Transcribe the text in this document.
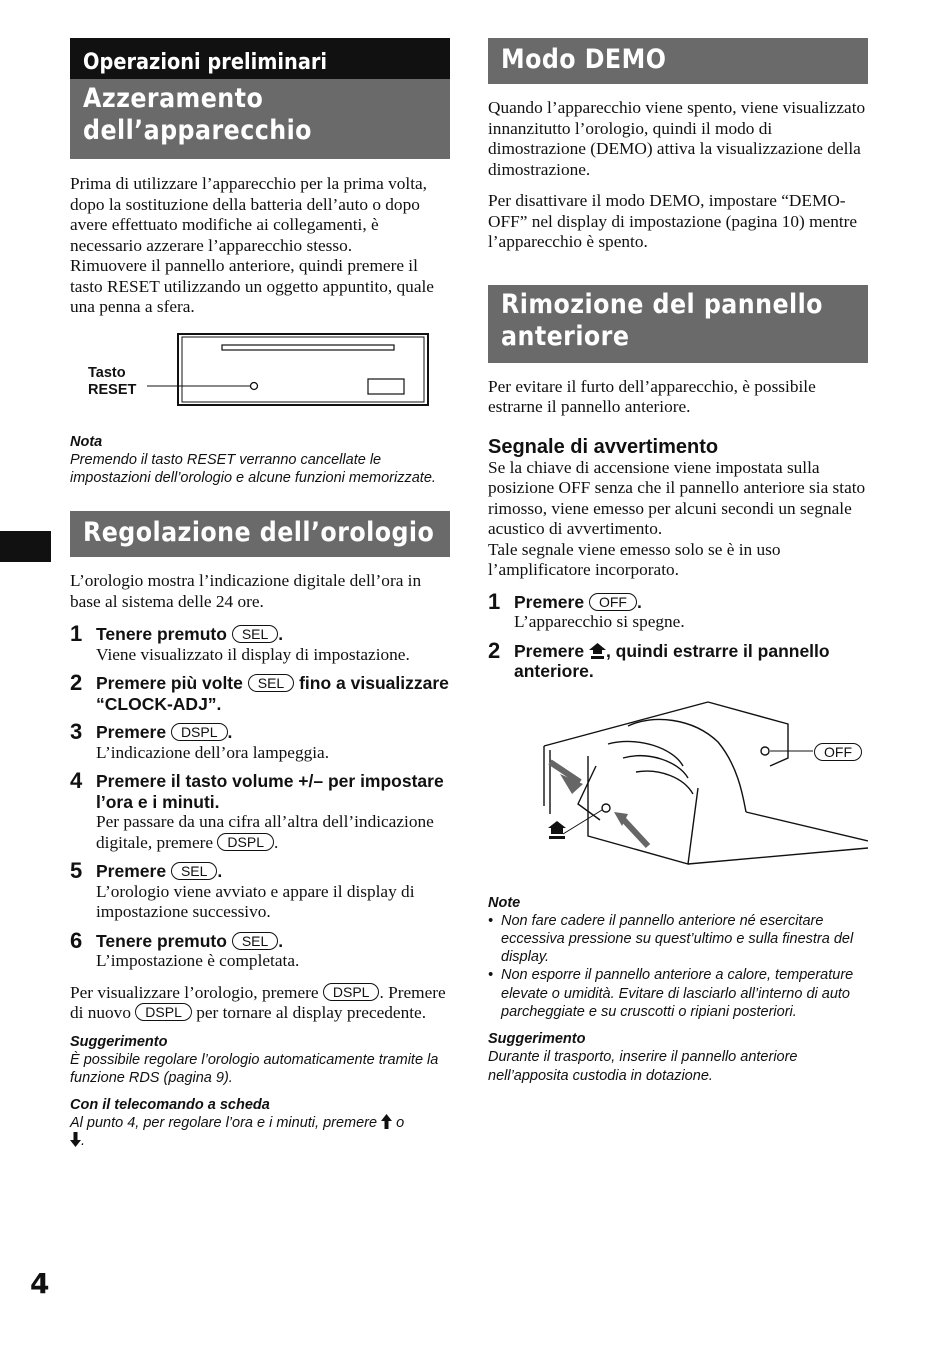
Operazioni preliminari
Azzeramento dell’apparecchio

Prima di utilizzare l’apparecchio per la prima volta, dopo la sostituzione della batteria dell’auto o dopo avere effettuato modifiche ai collegamenti, è necessario azzerare l’apparecchio stesso.

Rimuovere il pannello anteriore, quindi premere il tasto RESET utilizzando un oggetto appuntito, quale una penna a sfera.

Tasto
RESET
Nota
Premendo il tasto RESET verranno cancellate le impostazioni dell’orologio e alcune funzioni memorizzate.
Regolazione dell’orologio

L’orologio mostra l’indicazione digitale dell’ora in base al sistema delle 24 ore.

1 Tenere premuto SEL .
Viene visualizzato il display di impostazione.
2 Premere più volte SEL fino a visualizzare “CLOCK-ADJ”.
3 Premere DSPL .
L’indicazione dell’ora lampeggia.
4 Premere il tasto volume +/– per impostare l’ora e i minuti.
Per passare da una cifra all’altra dell’indicazione digitale, premere DSPL .
5 Premere SEL .
L’orologio viene avviato e appare il display di impostazione successivo.
6 Tenere premuto SEL .
L’impostazione è completata.

Per visualizzare l’orologio, premere DSPL . Premere di nuovo DSPL per tornare al display precedente.

Suggerimento
È possibile regolare l’orologio automaticamente tramite la funzione RDS (pagina 9).
Con il telecomando a scheda
Al punto 4, per regolare l’ora e i minuti, premere o
.
Modo DEMO

Quando l’apparecchio viene spento, viene visualizzato innanzitutto l’orologio, quindi il modo di dimostrazione (DEMO) attiva la visualizzazione della dimostrazione.

Per disattivare il modo DEMO, impostare “DEMO-OFF” nel display di impostazione (pagina 10) mentre l’apparecchio è spento.

Rimozione del pannello anteriore

Per evitare il furto dell’apparecchio, è possibile estrarne il pannello anteriore.

Segnale di avvertimento

Se la chiave di accensione viene impostata sulla posizione OFF senza che il pannello anteriore sia stato rimosso, viene emesso per alcuni secondi un segnale acustico di avvertimento.

Tale segnale viene emesso solo se è in uso l’amplificatore incorporato.

1 Premere OFF .
L’apparecchio si spegne.
2 Premere , quindi estrarre il pannello anteriore.
OFF
Note
• Non fare cadere il pannello anteriore né esercitare eccessiva pressione su quest’ultimo e sulla finestra del display.
• Non esporre il pannello anteriore a calore, temperature elevate o umidità. Evitare di lasciarlo all’interno di auto parcheggiate e su cruscotti o ripiani posteriori.
Suggerimento
Durante il trasporto, inserire il pannello anteriore nell’apposita custodia in dotazione.
4
